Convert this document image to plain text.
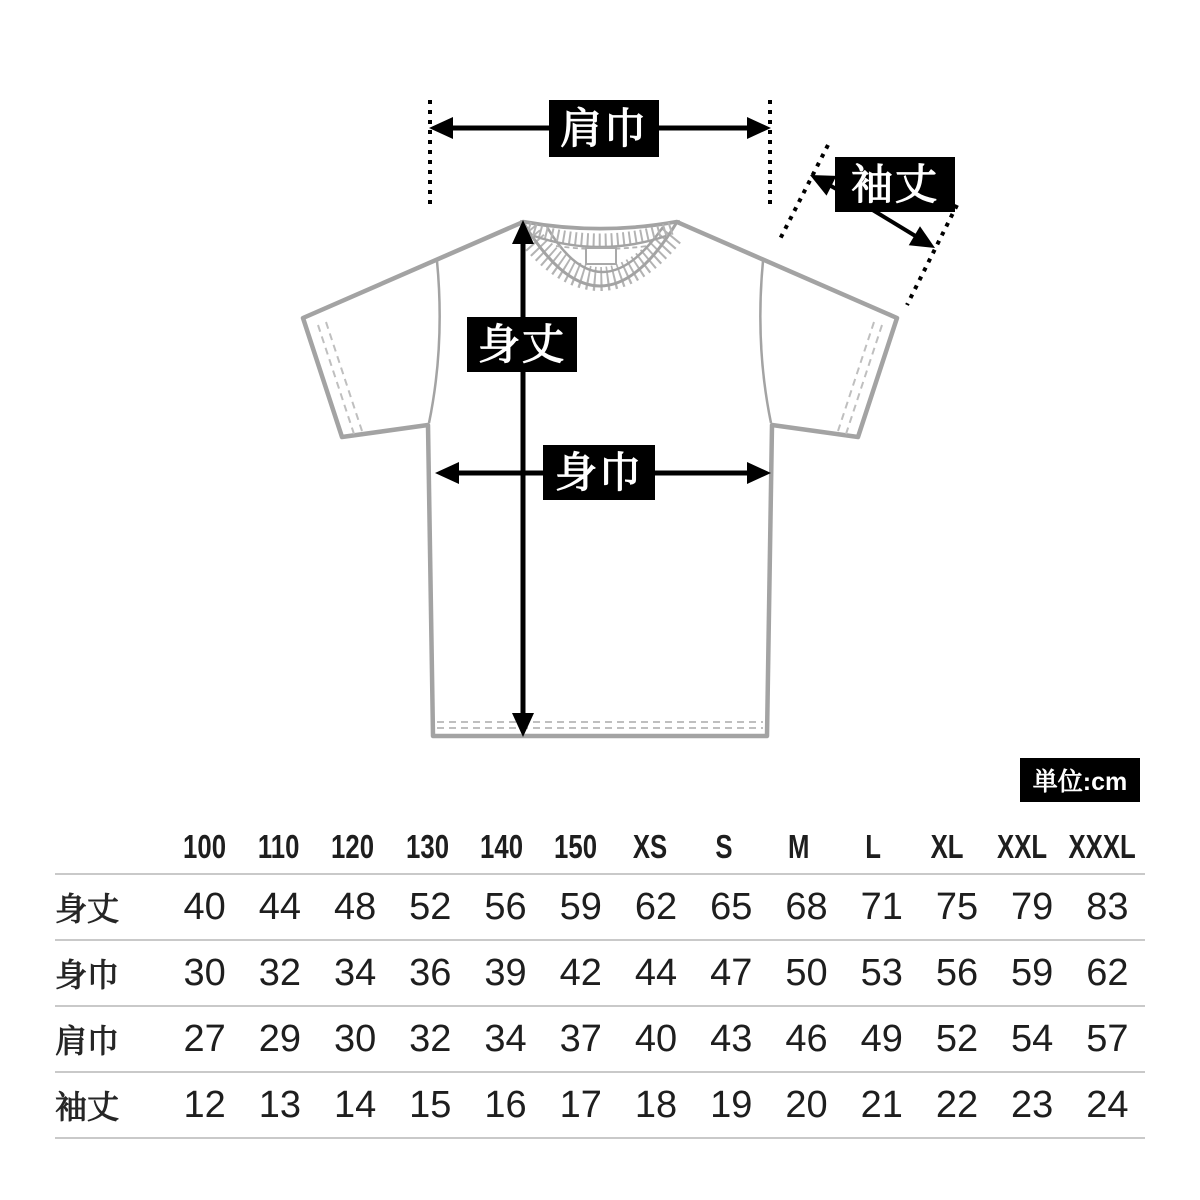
肩巾
袖丈
身丈
身巾
単位:cm
100 110 120 130 140 150	XS	S	M	L	XL XXL XXXL
身丈	40 44 48 52 56 59 62 65 68 71 75 79 83
身巾	30 32 34 36 39 42 44 47 50 53 56 59 62
肩巾	27 29 30 32 34 37 40 43 46 49 52 54 57
袖丈	12 13 14 15 16 17 18 19 20 21 22 23 24
